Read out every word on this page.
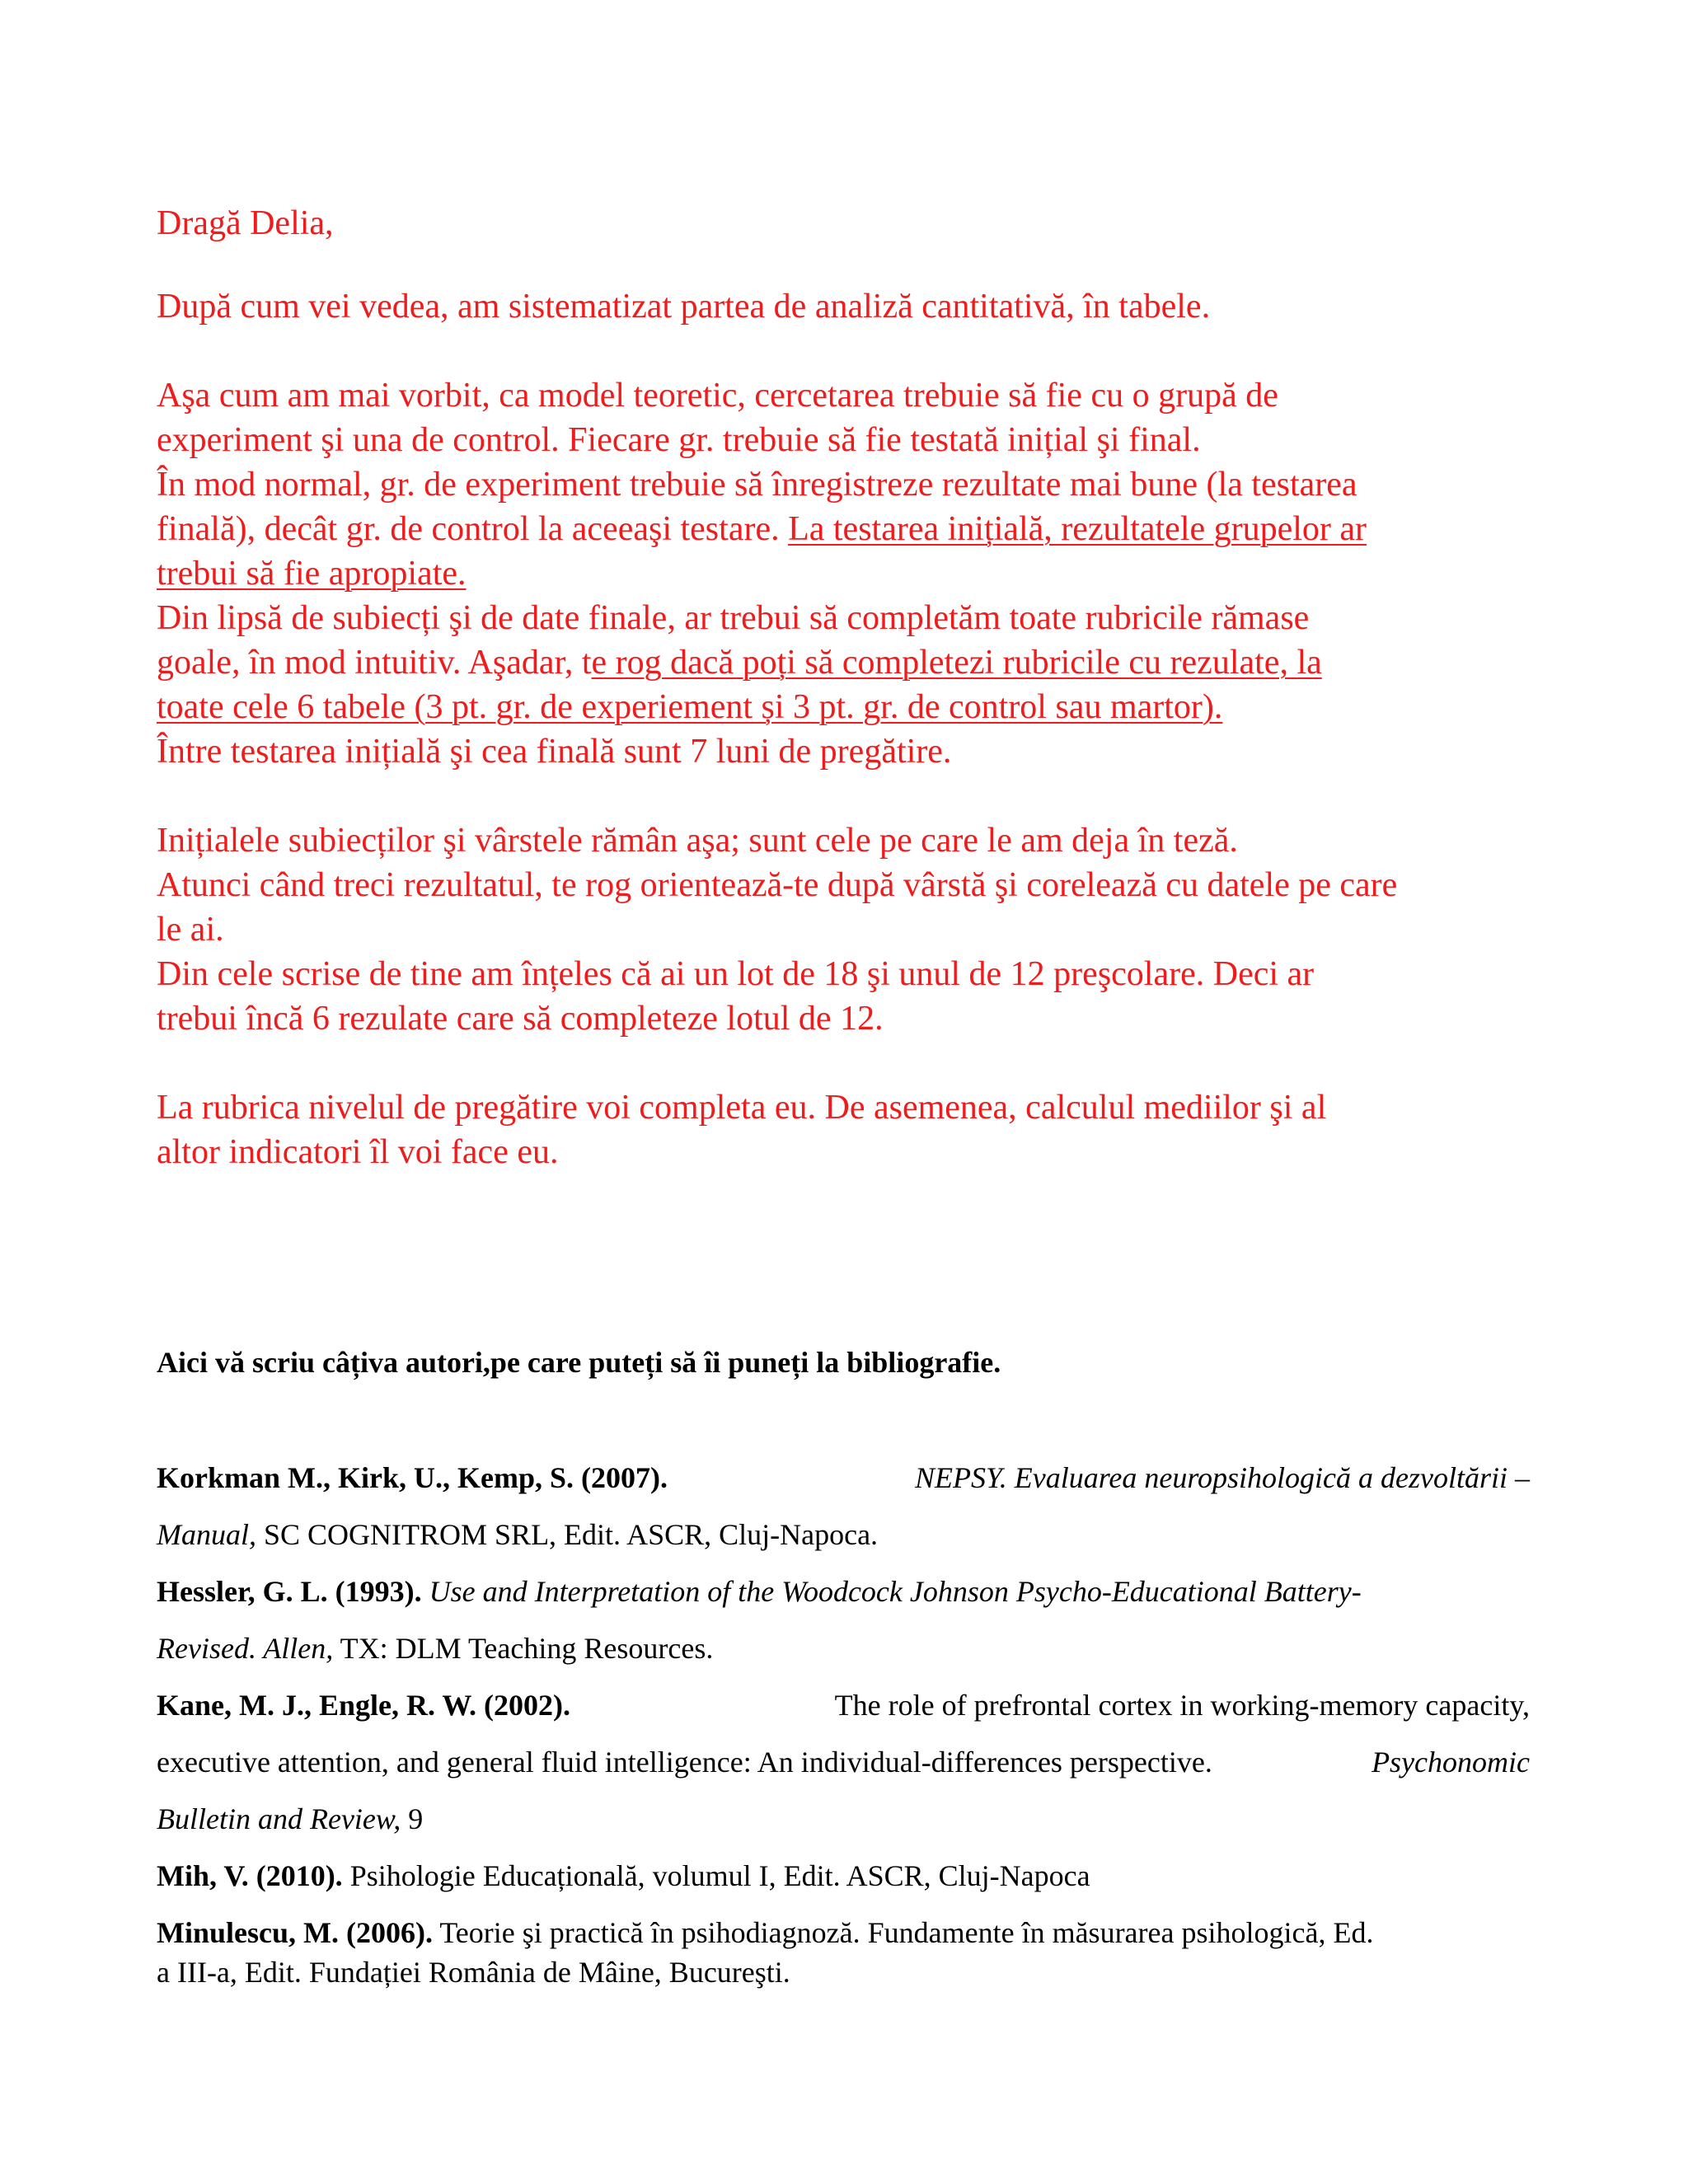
Dragă Delia,
După cum vei vedea, am sistematizat partea de analiză cantitativă, în tabele.
Aşa cum am mai vorbit, ca model teoretic, cercetarea trebuie să fie cu o grupă de
experiment şi una de control. Fiecare gr. trebuie să fie testată inițial şi final.
În mod normal, gr. de experiment trebuie să înregistreze rezultate mai bune (la testarea
finală), decât gr. de control la aceeaşi testare. La testarea inițială, rezultatele grupelor ar
trebui să fie apropiate.
Din lipsă de subiecți şi de date finale, ar trebui să completăm toate rubricile rămase
goale, în mod intuitiv. Aşadar, te rog dacă poți să completezi rubricile cu rezulate, la
toate cele 6 tabele (3 pt. gr. de experiement și 3 pt. gr. de control sau martor).
Între testarea inițială şi cea finală sunt 7 luni de pregătire.
Inițialele subiecților şi vârstele rămân aşa; sunt cele pe care le am deja în teză.
Atunci când treci rezultatul, te rog orientează-te după vârstă şi corelează cu datele pe care
le ai.
Din cele scrise de tine am înțeles că ai un lot de 18 şi unul de 12 preşcolare. Deci ar
trebui încă 6 rezulate care să completeze lotul de 12.
La rubrica nivelul de pregătire voi completa eu. De asemenea, calculul mediilor şi al
altor indicatori îl voi face eu.
Aici vă scriu câțiva autori,pe care puteți să îi puneți la bibliografie.
Korkman M., Kirk, U., Kemp, S. (2007).	NEPSY. Evaluarea neuropsihologică a dezvoltării –
Manual, SC COGNITROM SRL, Edit. ASCR, Cluj-Napoca.
Hessler, G. L. (1993). Use and Interpretation of the Woodcock Johnson Psycho-Educational Battery-
Revised. Allen, TX: DLM Teaching Resources.
Kane, M. J., Engle, R. W. (2002).	The role of prefrontal cortex in working-memory capacity,
executive attention, and general fluid intelligence: An individual-differences perspective.	Psychonomic
Bulletin and Review, 9
Mih, V. (2010). Psihologie Educațională, volumul I, Edit. ASCR, Cluj-Napoca
Minulescu, M. (2006). Teorie şi practică în psihodiagnoză. Fundamente în măsurarea psihologică, Ed.
a III-a, Edit. Fundației România de Mâine, Bucureşti.
